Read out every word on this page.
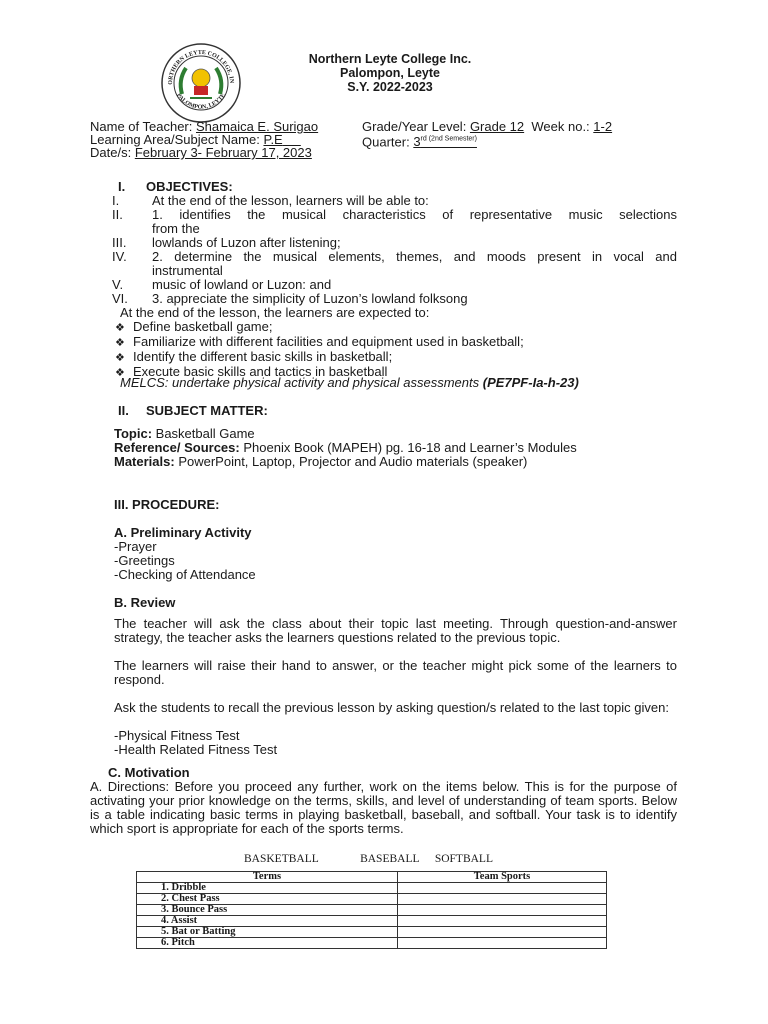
ORTHERN LEYTE COLLEGE, IN
PALOMPON, LEYTE
Northern Leyte College Inc.
Palompon, Leyte
S.Y. 2022-2023
Name of Teacher: Shamaica E. Surigao	Grade/Year Level: Grade 12 Week no.: 1-2
Learning Area/Subject Name: P.E	Quarter: $3^{rd (2nd Semester)}$
Date/s: February 3- February 17, 2023
I. OBJECTIVES:
I.	At the end of the lesson, learners will be able to:
II.	1. identifies the musical characteristics of representative music selections
from the
III. lowlands of Luzon after listening;
IV.	2. determine the musical elements, themes, and moods present in vocal and
instrumental
V. music of lowland or Luzon: and
VI. 3. appreciate the simplicity of Luzon’s lowland folksong
At the end of the lesson, the learners are expected to:
❖ Define basketball game;
❖ Familiarize with different facilities and equipment used in basketball;
❖ Identify the different basic skills in basketball;
❖ Execute basic skills and tactics in basketball
MELCS: undertake physical activity and physical assessments (PE7PF-Ia-h-23)
II. SUBJECT MATTER:
Topic: Basketball Game
Reference/ Sources: Phoenix Book (MAPEH) pg. 16-18 and Learner’s Modules
Materials: PowerPoint, Laptop, Projector and Audio materials (speaker)
III. PROCEDURE:
A. Preliminary Activity
-Prayer
-Greetings
-Checking of Attendance
B. Review
The teacher will ask the class about their topic last meeting. Through question-and-answer strategy, the teacher asks the learners questions related to the previous topic.
The learners will raise their hand to answer, or the teacher might pick some of the learners to respond.
Ask the students to recall the previous lesson by asking question/s related to the last topic given:
-Physical Fitness Test
-Health Related Fitness Test
C. Motivation
A. Directions: Before you proceed any further, work on the items below. This is for the purpose of activating your prior knowledge on the terms, skills, and level of understanding of team sports. Below is a table indicating basic terms in playing basketball, baseball, and softball. Your task is to identify which sport is appropriate for each of the sports terms.
BASKETBALL	BASEBALL SOFTBALL
Terms	Team Sports
1. Dribble	
2. Chest Pass	
3. Bounce Pass	
4. Assist	
5. Bat or Batting	
6. Pitch	
